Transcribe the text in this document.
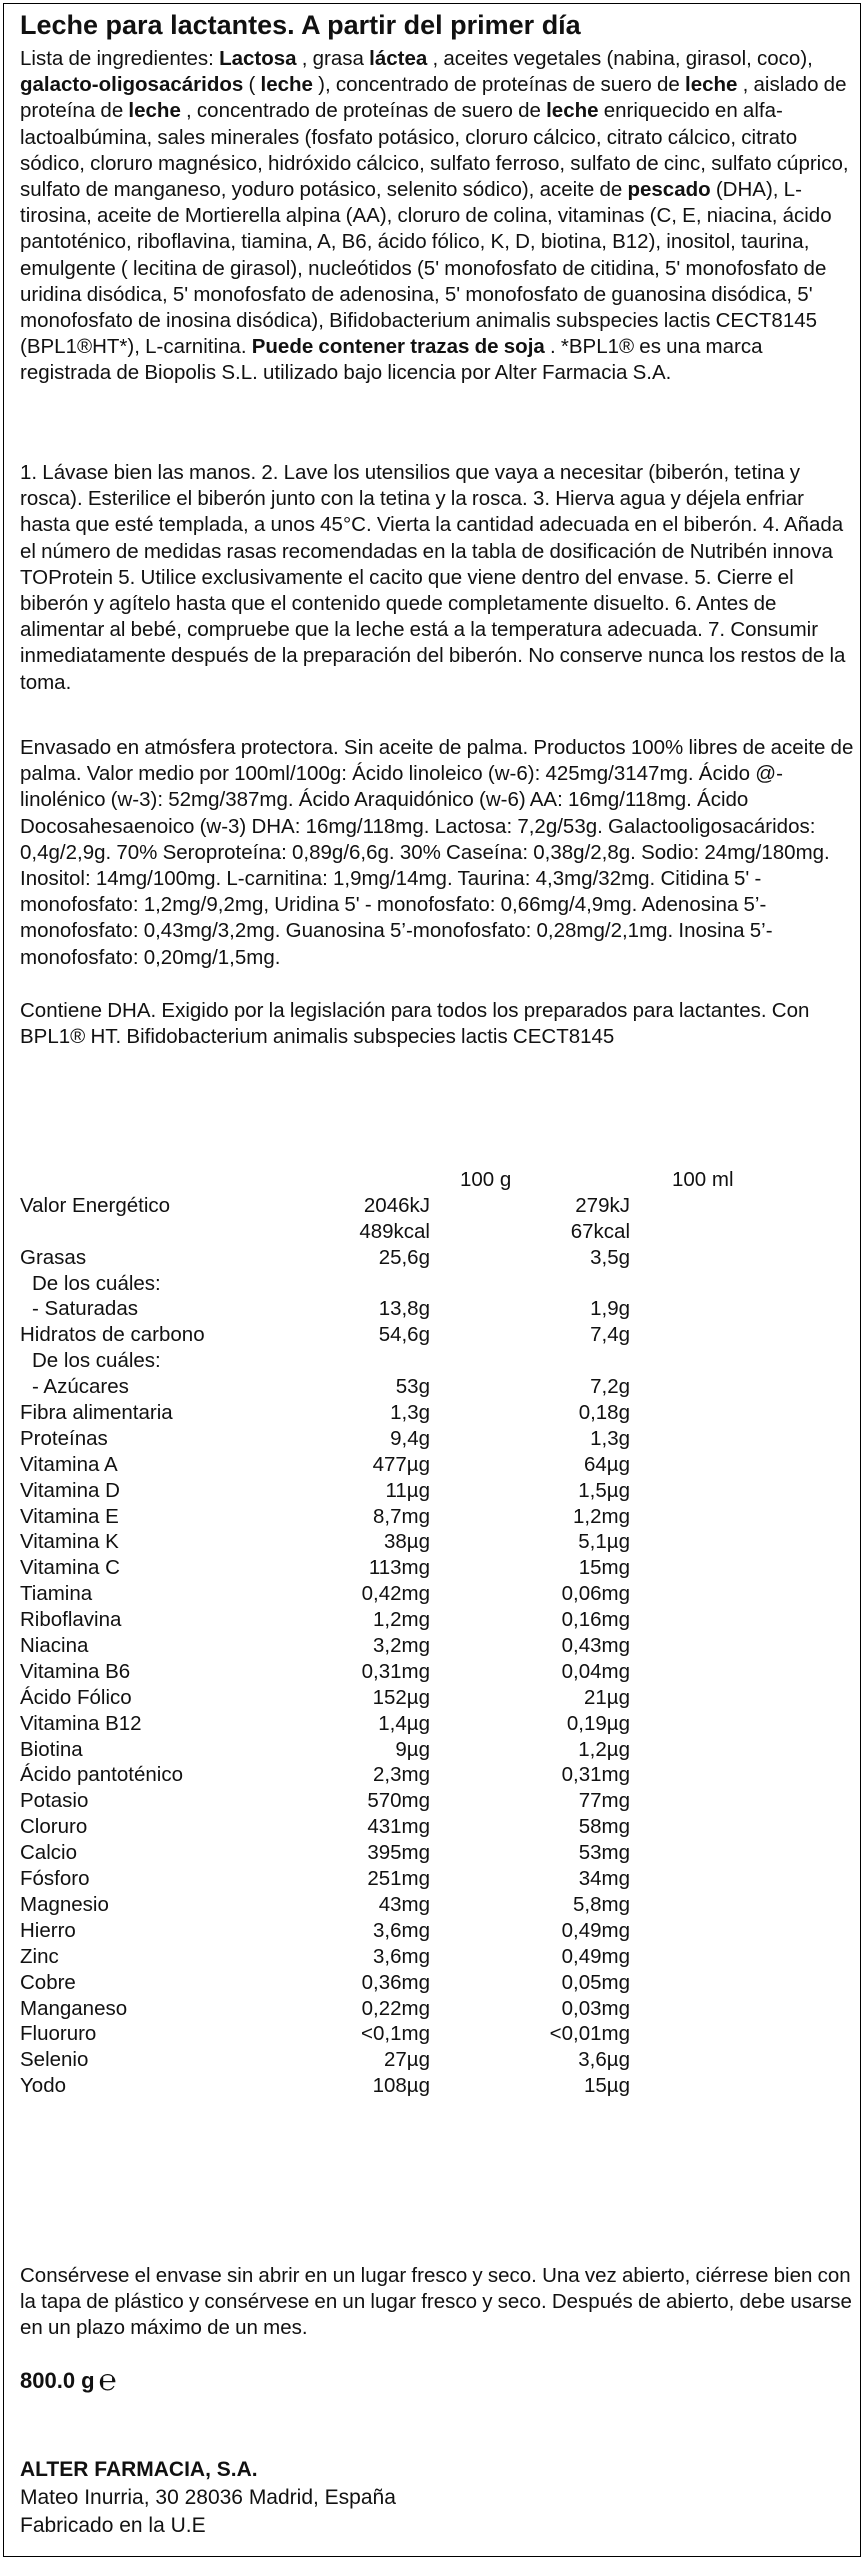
Leche para lactantes. A partir del primer día
Lista de ingredientes: Lactosa , grasa láctea , aceites vegetales (nabina, girasol, coco), galacto-oligosacáridos ( leche ), concentrado de proteínas de suero de leche , aislado de proteína de leche , concentrado de proteínas de suero de leche enriquecido en alfa-lactoalbúmina, sales minerales (fosfato potásico, cloruro cálcico, citrato cálcico, citrato sódico, cloruro magnésico, hidróxido cálcico, sulfato ferroso, sulfato de cinc, sulfato cúprico, sulfato de manganeso, yoduro potásico, selenito sódico), aceite de pescado (DHA), L-tirosina, aceite de Mortierella alpina (AA), cloruro de colina, vitaminas (C, E, niacina, ácido pantoténico, riboflavina, tiamina, A, B6, ácido fólico, K, D, biotina, B12), inositol, taurina, emulgente ( lecitina de girasol), nucleótidos (5' monofosfato de citidina, 5' monofosfato de uridina disódica, 5' monofosfato de adenosina, 5' monofosfato de guanosina disódica, 5' monofosfato de inosina disódica), Bifidobacterium animalis subspecies lactis CECT8145 (BPL1®HT*), L-carnitina. Puede contener trazas de soja . *BPL1® es una marca registrada de Biopolis S.L. utilizado bajo licencia por Alter Farmacia S.A.
1. Lávase bien las manos. 2. Lave los utensilios que vaya a necesitar (biberón, tetina y rosca). Esterilice el biberón junto con la tetina y la rosca. 3. Hierva agua y déjela enfriar hasta que esté templada, a unos 45°C. Vierta la cantidad adecuada en el biberón. 4. Añada el número de medidas rasas recomendadas en la tabla de dosificación de Nutribén innova TOProtein 5. Utilice exclusivamente el cacito que viene dentro del envase. 5. Cierre el biberón y agítelo hasta que el contenido quede completamente disuelto. 6. Antes de alimentar al bebé, compruebe que la leche está a la temperatura adecuada. 7. Consumir inmediatamente después de la preparación del biberón. No conserve nunca los restos de la toma.
Envasado en atmósfera protectora. Sin aceite de palma. Productos 100% libres de aceite de palma. Valor medio por 100ml/100g: Ácido linoleico (w-6): 425mg/3147mg. Ácido @-linolénico (w-3): 52mg/387mg. Ácido Araquidónico (w-6) AA: 16mg/118mg. Ácido Docosahesaenoico (w-3) DHA: 16mg/118mg. Lactosa: 7,2g/53g. Galactooligosacáridos: 0,4g/2,9g. 70% Seroproteína: 0,89g/6,6g. 30% Caseína: 0,38g/2,8g. Sodio: 24mg/180mg. Inositol: 14mg/100mg. L-carnitina: 1,9mg/14mg. Taurina: 4,3mg/32mg. Citidina 5' - monofosfato: 1,2mg/9,2mg, Uridina 5' - monofosfato: 0,66mg/4,9mg. Adenosina 5’-monofosfato: 0,43mg/3,2mg. Guanosina 5’-monofosfato: 0,28mg/2,1mg. Inosina 5’-monofosfato: 0,20mg/1,5mg.
Contiene DHA. Exigido por la legislación para todos los preparados para lactantes. Con BPL1® HT. Bifidobacterium animalis subspecies lactis CECT8145
100 g	100 ml
Valor Energético	2046kJ	279kJ
489kcal	67kcal
Grasas	25,6g	3,5g
De los cuáles:
- Saturadas	13,8g	1,9g
Hidratos de carbono	54,6g	7,4g
De los cuáles:
- Azúcares	53g	7,2g
Fibra alimentaria	1,3g	0,18g
Proteínas	9,4g	1,3g
Vitamina A	477µg	64µg
Vitamina D	11µg	1,5µg
Vitamina E	8,7mg	1,2mg
Vitamina K	38µg	5,1µg
Vitamina C	113mg	15mg
Tiamina	0,42mg	0,06mg
Riboflavina	1,2mg	0,16mg
Niacina	3,2mg	0,43mg
Vitamina B6	0,31mg	0,04mg
Ácido Fólico	152µg	21µg
Vitamina B12	1,4µg	0,19µg
Biotina	9µg	1,2µg
Ácido pantoténico	2,3mg	0,31mg
Potasio	570mg	77mg
Cloruro	431mg	58mg
Calcio	395mg	53mg
Fósforo	251mg	34mg
Magnesio	43mg	5,8mg
Hierro	3,6mg	0,49mg
Zinc	3,6mg	0,49mg
Cobre	0,36mg	0,05mg
Manganeso	0,22mg	0,03mg
Fluoruro	<0,1mg	<0,01mg
Selenio	27µg	3,6µg
Yodo	108µg	15µg
Consérvese el envase sin abrir en un lugar fresco y seco. Una vez abierto, ciérrese bien con la tapa de plástico y consérvese en un lugar fresco y seco. Después de abierto, debe usarse en un plazo máximo de un mes.
800.0 g ℮
ALTER FARMACIA, S.A.
Mateo Inurria, 30 28036 Madrid, España
Fabricado en la U.E
